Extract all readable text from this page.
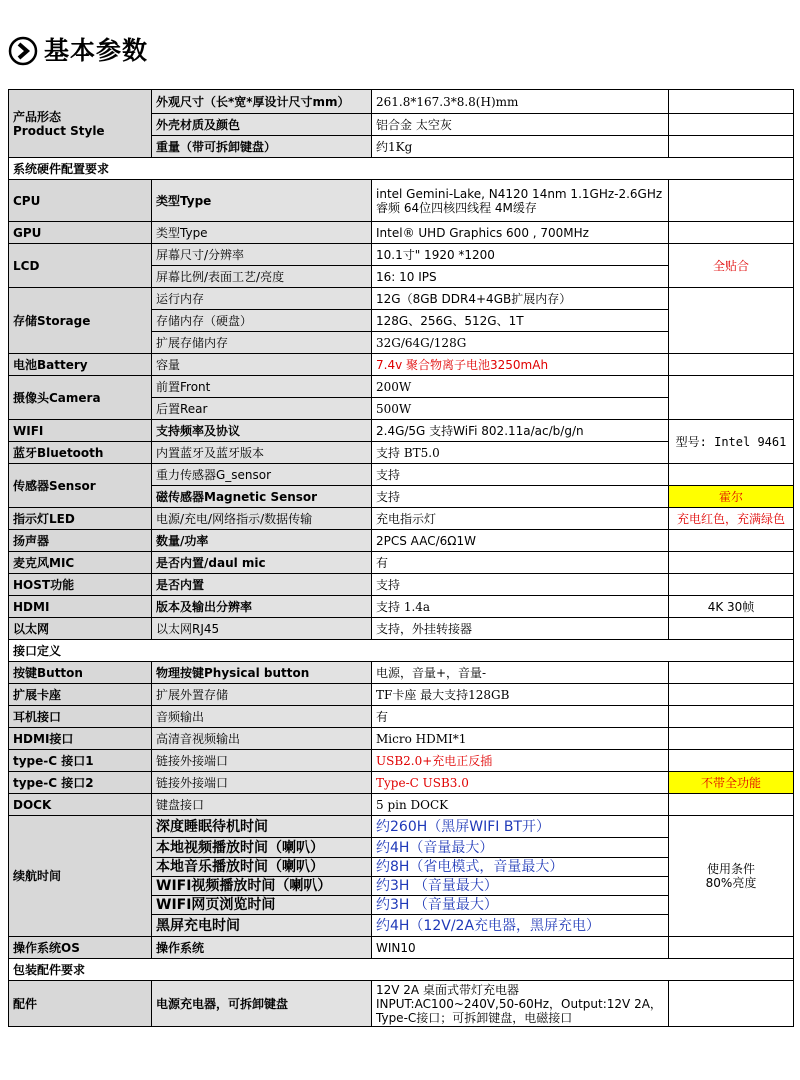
基本参数
产品形态
Product Style	外观尺寸（长*宽*厚设计尺寸mm）	261.8*167.3*8.8(H)mm	
	外壳材质及颜色	铝合金 太空灰	
	重量（带可拆卸键盘）	约1Kg	
系统硬件配置要求			
CPU	类型Type	intel Gemini-Lake, N4120 14nm 1.1GHz-2.6GHz
睿频 64位四核四线程 4M缓存	

GPU	类型Type	Intel® UHD Graphics 600 , 700MHz	
LCD	屏幕尺寸/分辨率	10.1寸" 1920 *1200	全贴合
	屏幕比例/表面工艺/亮度	16: 10 IPS	
存储Storage	运行内存	12G（8GB DDR4+4GB扩展内存）	
	存储内存（硬盘）	128G、256G、512G、1T	
	扩展存储内存	32G/64G/128G	
电池Battery	容量	7.4v 聚合物离子电池3250mAh	
摄像头Camera	前置Front	200W	
	后置Rear	500W	
WIFI	支持频率及协议	2.4G/5G 支持WiFi 802.11a/ac/b/g/n	型号: Intel 9461
蓝牙Bluetooth	内置蓝牙及蓝牙版本	支持 BT5.0	
传感器Sensor	重力传感器G_sensor	支持	
	磁传感器Magnetic Sensor	支持	霍尔
指示灯LED	电源/充电/网络指示/数据传输	充电指示灯	充电红色，充满绿色
扬声器	数量/功率	2PCS AAC/6Ω1W	
麦克风MIC	是否内置/daul mic	有	
HOST功能	是否内置	支持	
HDMI	版本及输出分辨率	支持 1.4a	4K 30帧
以太网	以太网RJ45	支持，外挂转接器	
接口定义			
按键Button	物理按键Physical button	电源，音量+，音量-	
扩展卡座	扩展外置存储	TF卡座 最大支持128GB	
耳机接口	音频输出	有	
HDMI接口	高清音视频输出	Micro HDMI*1	
type-C 接口1	链接外接端口	USB2.0+充电正反插	
type-C 接口2	链接外接端口	Type-C USB3.0	不带全功能
DOCK	键盘接口	5 pin DOCK	
续航时间	深度睡眠待机时间	约260H（黑屏WIFI BT开）	使用条件
80%亮度

	本地视频播放时间（喇叭）	约4H（音量最大）	
	本地音乐播放时间（喇叭）	约8H（省电模式，音量最大）	
	WIFI视频播放时间（喇叭）	约3H （音量最大）	
	WIFI网页浏览时间	约3H （音量最大）	
	黑屏充电时间	约4H（12V/2A充电器，黑屏充电）	
操作系统OS	操作系统	WIN10	
包装配件要求			
配件	电源充电器，可拆卸键盘	12V 2A 桌面式带灯充电器
INPUT:AC100~240V,50-60Hz，Output:12V 2A，
Type-C接口；可拆卸键盘，电磁接口	
